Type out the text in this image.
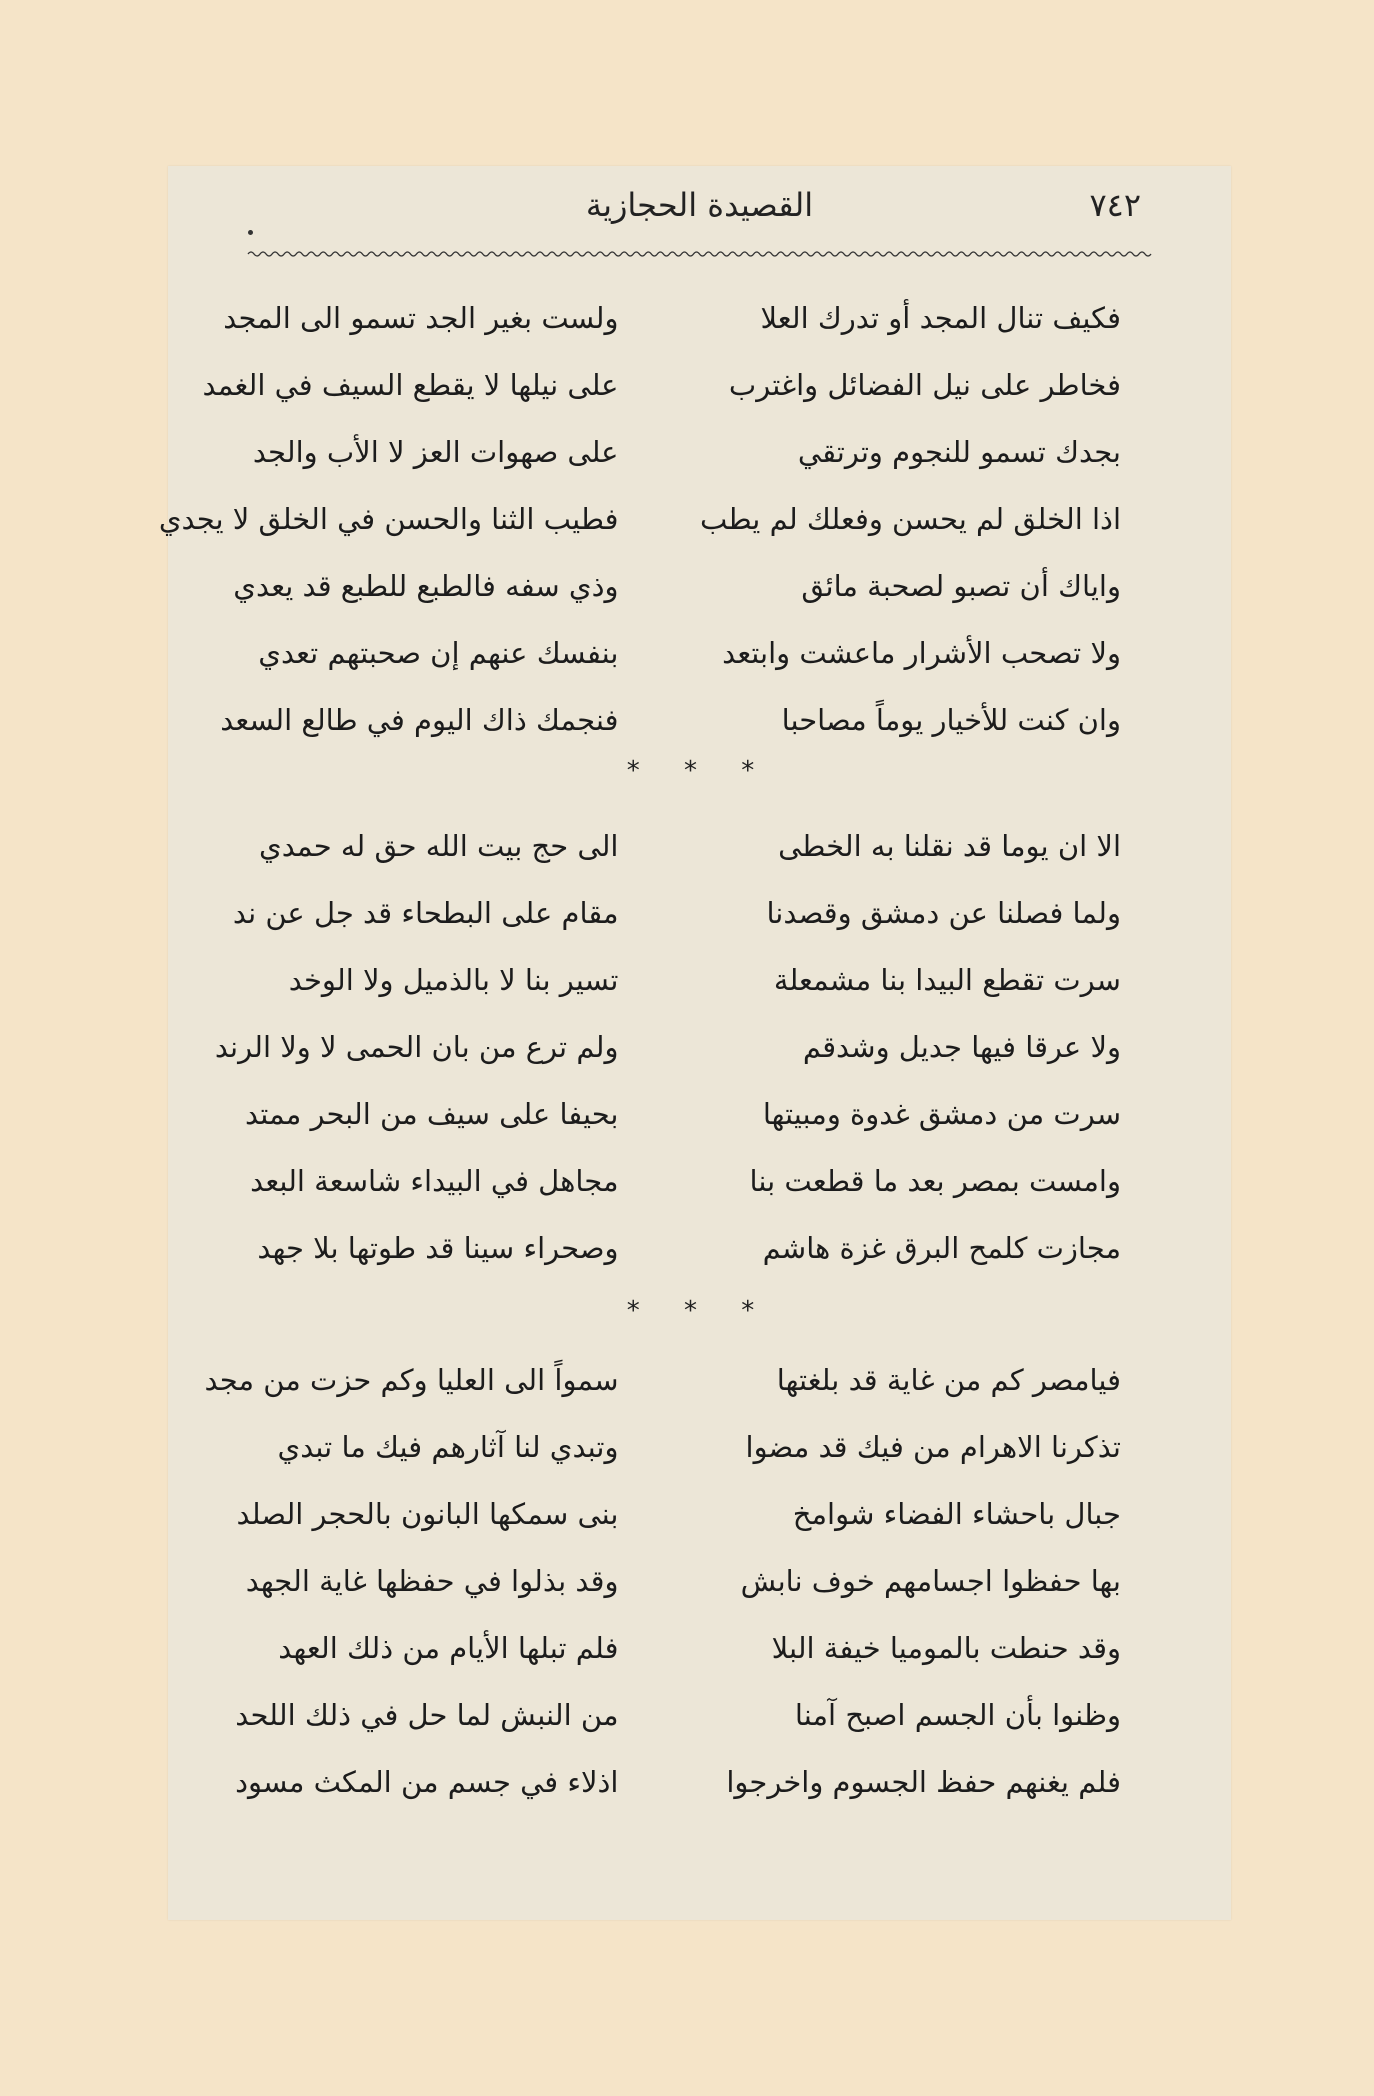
٧٤٢
القصيدة الحجازية
فكيف تنال المجد أو تدرك العلا
ولست بغير الجد تسمو الى المجد
فخاطر على نيل الفضائل واغترب
على نيلها لا يقطع السيف في الغمد
بجدك تسمو للنجوم وترتقي
على صهوات العز لا الأب والجد
اذا الخلق لم يحسن وفعلك لم يطب
فطيب الثنا والحسن في الخلق لا يجدي
واياك أن تصبو لصحبة مائق
وذي سفه فالطبع للطبع قد يعدي
ولا تصحب الأشرار ماعشت وابتعد
بنفسك عنهم إن صحبتهم تعدي
وان كنت للأخيار يوماً مصاحبا
فنجمك ذاك اليوم في طالع السعد
* * *
الا ان يوما قد نقلنا به الخطى
الى حج بيت الله حق له حمدي
ولما فصلنا عن دمشق وقصدنا
مقام على البطحاء قد جل عن ند
سرت تقطع البيدا بنا مشمعلة
تسير بنا لا بالذميل ولا الوخد
ولا عرقا فيها جديل وشدقم
ولم ترع من بان الحمى لا ولا الرند
سرت من دمشق غدوة ومبيتها
بحيفا على سيف من البحر ممتد
وامست بمصر بعد ما قطعت بنا
مجاهل في البيداء شاسعة البعد
مجازت كلمح البرق غزة هاشم
وصحراء سينا قد طوتها بلا جهد
* * *
فيامصر كم من غاية قد بلغتها
سمواً الى العليا وكم حزت من مجد
تذكرنا الاهرام من فيك قد مضوا
وتبدي لنا آثارهم فيك ما تبدي
جبال باحشاء الفضاء شوامخ
بنى سمكها البانون بالحجر الصلد
بها حفظوا اجسامهم خوف نابش
وقد بذلوا في حفظها غاية الجهد
وقد حنطت بالموميا خيفة البلا
فلم تبلها الأيام من ذلك العهد
وظنوا بأن الجسم اصبح آمنا
من النبش لما حل في ذلك اللحد
فلم يغنهم حفظ الجسوم واخرجوا
اذلاء في جسم من المكث مسود
